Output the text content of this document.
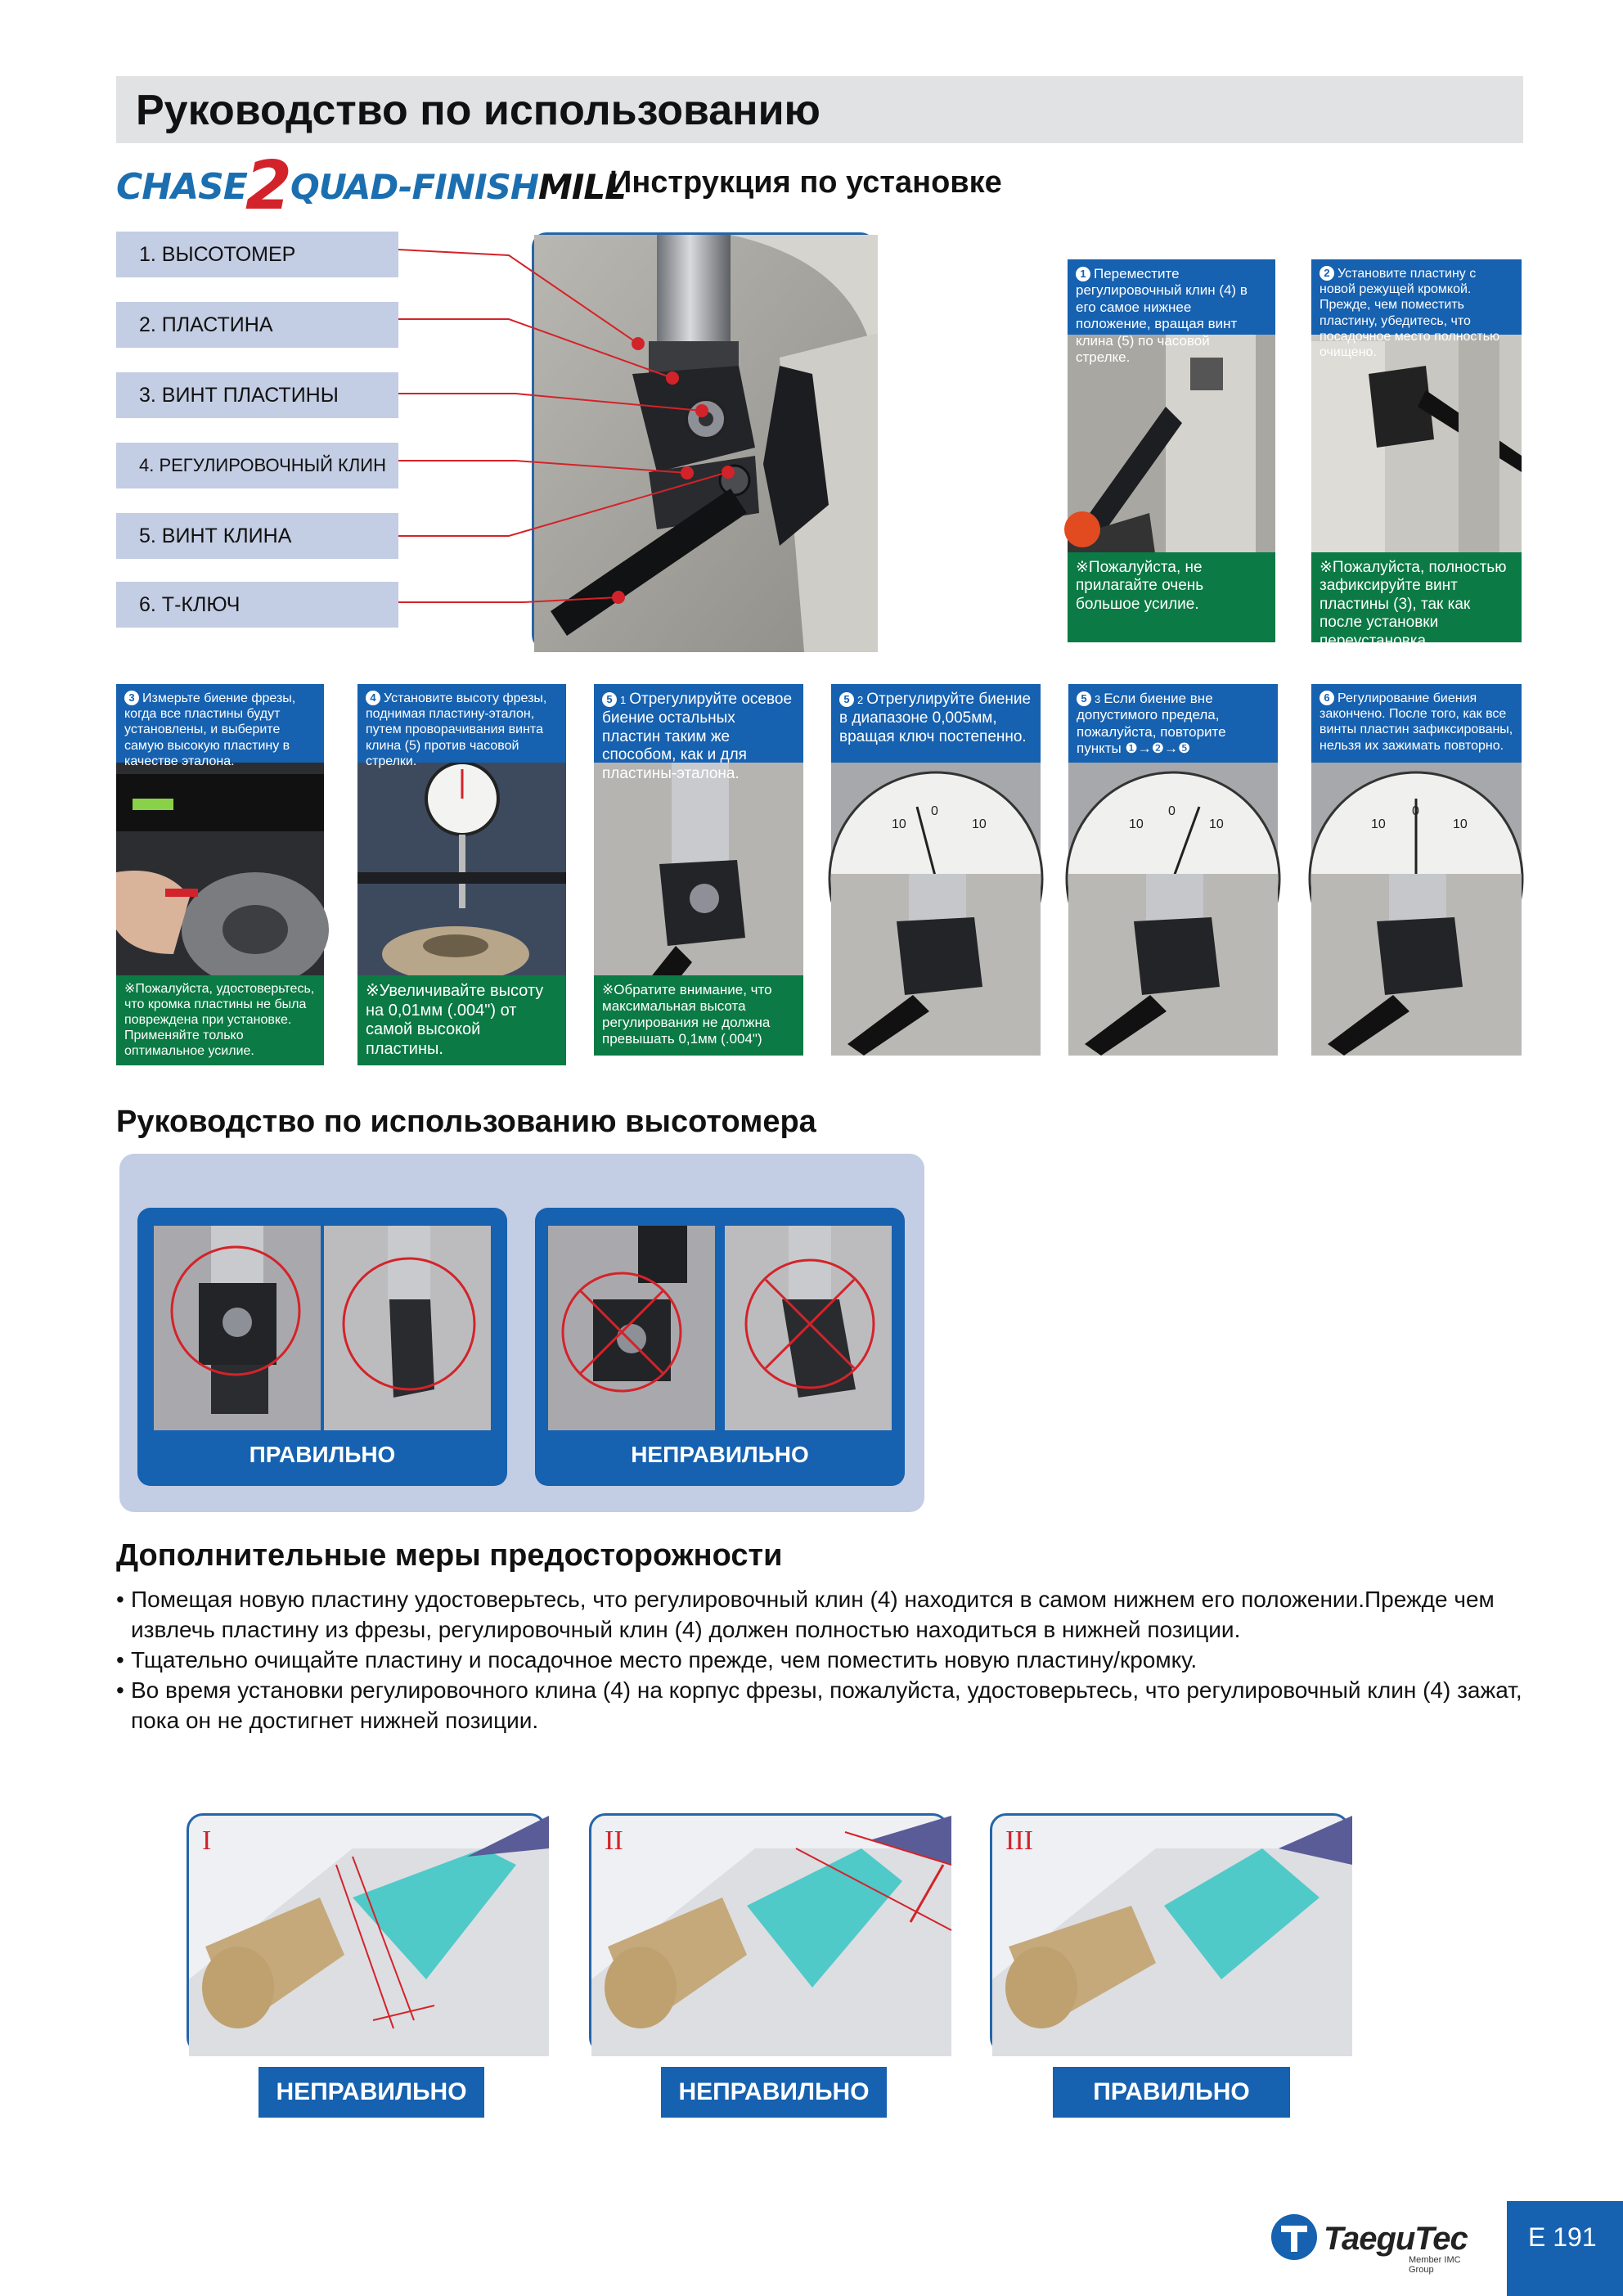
Руководство по использованию
CHASE
2
QUAD-FINISH MILL
Инструкция по установке
1. ВЫСОТОМЕР
2. ПЛАСТИНА
3. ВИНТ ПЛАСТИНЫ
4. РЕГУЛИРОВОЧНЫЙ КЛИН
5. ВИНТ КЛИНА
6. Т-КЛЮЧ
1 Переместите регулировочный клин (4) в его самое нижнее положение, вращая винт клина (5) по часовой стрелке.
※Пожалуйста, не прилагайте очень большое усилие.
2 Установите пластину с новой режущей кромкой. Прежде, чем поместить пластину, убедитесь, что посадочное место полностью очищено.
※Пожалуйста, полностью зафиксируйте винт пластины (3), так как после установки переустановка невозможна.
3 Измерьте биение фрезы, когда все пластины будут установлены, и выберите самую высокую пластину в качестве эталона.
※Пожалуйста, удостоверьтесь, что кромка пластины не была повреждена при установке. Применяйте только оптимальное усилие.
4 Установите высоту фрезы, поднимая пластину-эталон, путем проворачивания винта клина (5) против часовой стрелки.
※Увеличивайте высоту на 0,01мм (.004") от самой высокой пластины.
5 1 Отрегулируйте осевое биение остальных пластин таким же способом, как и для пластины-эталона.
※Обратите внимание, что максимальная высота регулирования не должна превышать 0,1мм (.004")
5 2 Отрегулируйте биение в диапазоне 0,005мм, вращая ключ постепенно.
5 3 Если биение вне допустимого предела, пожалуйста, повторите пункты ❶→❷→❺
6 Регулирование биения закончено. После того, как все винты пластин зафиксированы, нельзя их зажимать повторно.
10
0
10	10
0
10	10
0
10
Руководство по использованию высотомера
ПРАВИЛЬНО	НЕПРАВИЛЬНО
Дополнительные меры предосторожности
• Помещая новую пластину удостоверьтесь, что регулировочный клин (4) находится в самом нижнем его положении.Прежде чем извлечь пластину из фрезы, регулировочный клин (4) должен полностью находиться в нижней позиции.
• Тщательно очищайте пластину и посадочное место прежде, чем поместить новую пластину/кромку.
• Во время установки регулировочного клина (4) на корпус фрезы, пожалуйста, удостоверьтесь, что регулировочный клин (4) зажат, пока он не достигнет нижней позиции.
I	II	III
НЕПРАВИЛЬНО	НЕПРАВИЛЬНО	ПРАВИЛЬНО
TaeguTec
Member IMC Group
E 191
